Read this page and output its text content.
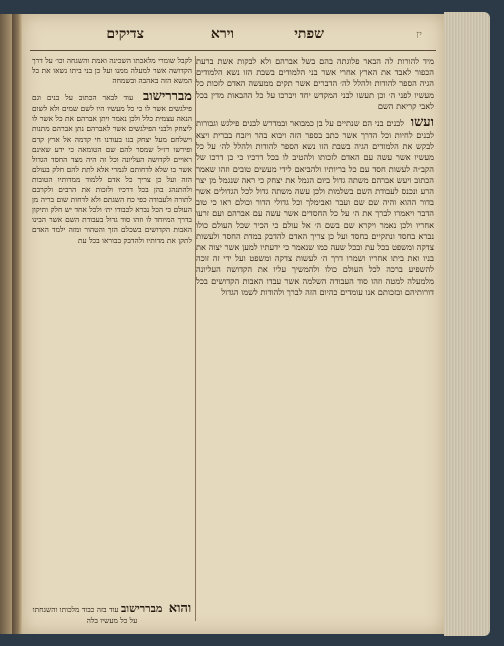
יז
שפתי
וירא
צדיקים

מיד להורות לה הבאר פלוגתה בהם בשל אברהם ולא לבקות אשת ברעת הכפור לאבד את הארץ אחרי אשר בני הלמודים בשבת הזו נשא הלמודים הגיה הספר להודות ולהלל לה׳ הדברים אשר תקים ממעשה האדם לזכות כל מעשיו לפני ה׳ וכן תעשו לבני המקדש יחד ויברכו על כל ההבאות מדין בכל לאבי קריאת השם

ועשו לבנים בני הם שנתיים על בן כמבואר ובמדרש לבנים פילגש וגבורות לבנים לחיות וכל הדרך אשר כתב בספר הזה ויבוא בהר ויזבח בברית ויצא לבקש את הלמודים הגיה בשבת הזו נשא הספר להודות ולהלל לה׳ על כל מעשיו אשר עשה עם האדם לזכותו ולהטיב לו בכל דרכיו כי כן דרכו של הקב״ה לעשות חסד עם כל בריותיו ולהביאם לידי מעשים טובים וזהו שאמר הכתוב ויעש אברהם משתה גדול ביום הגמל את יצחק כי ראה שנגמל מן יצר הרע ונכנס לעבודת השם בשלמות ולכן עשה משתה גדול לכל הגדולים אשר בדור ההוא והיה שם שם ועבר ואבימלך וכל גדולי הדור וכולם ראו כי טוב הדבר ויאמרו לברך את ה׳ על כל החסדים אשר עשה עם אברהם ועם זרעו אחריו ולכן נאמר ויקרא שם בשם ה׳ אל עולם כי הכיר שכל העולם כולו נברא בחסד ונתקיים בחסד ועל כן צריך האדם להדבק במדת החסד ולעשות צדקה ומשפט בכל עת ובכל שעה כמו שנאמר כי ידעתיו למען אשר יצוה את בניו ואת ביתו אחריו ושמרו דרך ה׳ לעשות צדקה ומשפט ועל ידי זה זוכה להשפיע ברכה לכל העולם כולו ולהמשיך עליו את הקדושה העליונה מלמעלה למטה וזהו סוד העבודה השלמה אשר עבדו האבות הקדושים בכל דורותיהם ובזכותם אנו עומדים כהיום הזה לברך ולהודות לשמו הגדול

לקבל שומרי מלאכתו השכינה ואמת והשגחה וכו׳ על דרך הקדושה אשר למעלה ממנו ועל כן בני ביתו נשאו את כל המשא הזה באהבה ובשמחה

מבררישוב עוד לבאר הכתוב על בנים וגם פילגשים אשר לו כי כל מעשיו היו לשם שמים ולא לשום הנאה עצמית כלל ולכן נאמר ויתן אברהם את כל אשר לו ליצחק ולבני הפילגשים אשר לאברהם נתן אברהם מתנות וישלחם מעל יצחק בנו בעודנו חי קדמה אל ארץ קדם ופירשו רז״ל שמסר להם שם הטומאה כי ידע שאינם ראויים לקדושה העליונה וכל זה היה מצד החסד הגדול אשר בו שלא לדחותם לגמרי אלא לתת להם חלק בעולם הזה ועל כן צריך כל אדם ללמוד ממדותיו הטובות ולהתנהג בהן בכל דרכיו ולזכות את הרבים ולקרבם לתורה ולעבודה כפי כח השגתם ולא לדחות שום בריה מן העולם כי הכל נברא לכבודו ית׳ ולכל אחד יש חלק ותיקון בדרך המיוחד לו וזהו סוד גדול בעבודת השם אשר הבינו האבות הקדושים בשכלם הזך והטהור ומזה ילמד האדם לתקן את מדותיו ולהדבק בבוראו בכל עת

והוא מבררישוב עוד בזה כבוד מלכותו והשגחתו על כל מעשיו בלה
